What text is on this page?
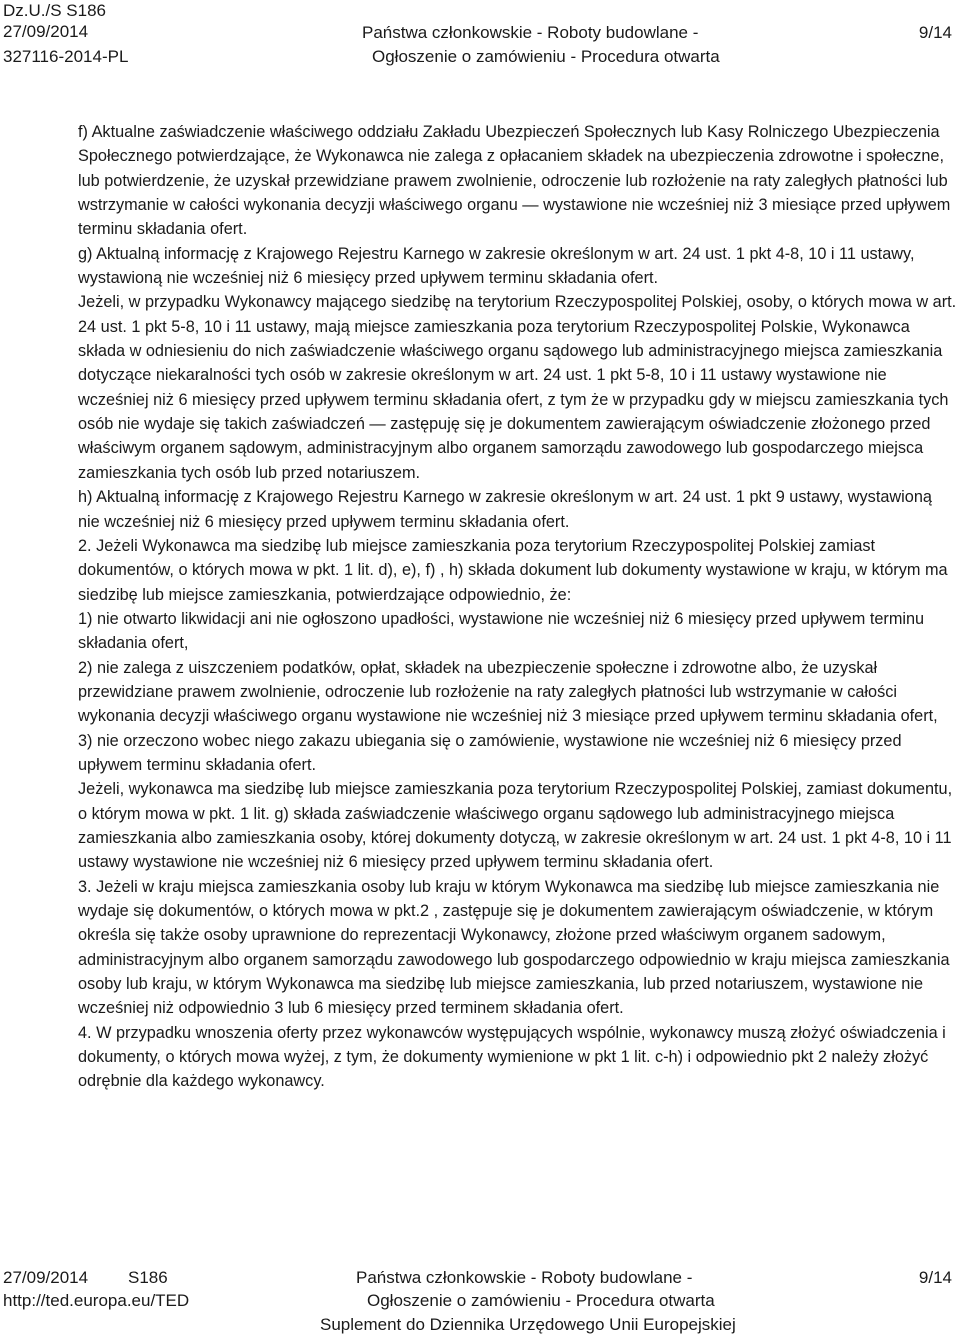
Dz.U./S S186
27/09/2014
327116-2014-PL
Państwa członkowskie - Roboty budowlane -
Ogłoszenie o zamówieniu - Procedura otwarta
9/14

f) Aktualne zaświadczenie właściwego oddziału Zakładu Ubezpieczeń Społecznych lub Kasy Rolniczego Ubezpieczenia Społecznego potwierdzające, że Wykonawca nie zalega z opłacaniem składek na ubezpieczenia zdrowotne i społeczne, lub potwierdzenie, że uzyskał przewidziane prawem zwolnienie, odroczenie lub rozłożenie na raty zaległych płatności lub wstrzymanie w całości wykonania decyzji właściwego organu — wystawione nie wcześniej niż 3 miesiące przed upływem terminu składania ofert.

g) Aktualną informację z Krajowego Rejestru Karnego w zakresie określonym w art. 24 ust. 1 pkt 4-8, 10 i 11 ustawy, wystawioną nie wcześniej niż 6 miesięcy przed upływem terminu składania ofert.

Jeżeli, w przypadku Wykonawcy mającego siedzibę na terytorium Rzeczypospolitej Polskiej, osoby, o których mowa w art. 24 ust. 1 pkt 5-8, 10 i 11 ustawy, mają miejsce zamieszkania poza terytorium Rzeczypospolitej Polskie, Wykonawca składa w odniesieniu do nich zaświadczenie właściwego organu sądowego lub administracyjnego miejsca zamieszkania dotyczące niekaralności tych osób w zakresie określonym w art. 24 ust. 1 pkt 5-8, 10 i 11 ustawy wystawione nie wcześniej niż 6 miesięcy przed upływem terminu składania ofert, z tym że w przypadku gdy w miejscu zamieszkania tych osób nie wydaje się takich zaświadczeń — zastępuję się je dokumentem zawierającym oświadczenie złożonego przed właściwym organem sądowym, administracyjnym albo organem samorządu zawodowego lub gospodarczego miejsca zamieszkania tych osób lub przed notariuszem.

h) Aktualną informację z Krajowego Rejestru Karnego w zakresie określonym w art. 24 ust. 1 pkt 9 ustawy, wystawioną nie wcześniej niż 6 miesięcy przed upływem terminu składania ofert.

2. Jeżeli Wykonawca ma siedzibę lub miejsce zamieszkania poza terytorium Rzeczypospolitej Polskiej zamiast dokumentów, o których mowa w pkt. 1 lit. d), e), f) , h) składa dokument lub dokumenty wystawione w kraju, w którym ma siedzibę lub miejsce zamieszkania, potwierdzające odpowiednio, że:

1) nie otwarto likwidacji ani nie ogłoszono upadłości, wystawione nie wcześniej niż 6 miesięcy przed upływem terminu składania ofert,

2) nie zalega z uiszczeniem podatków, opłat, składek na ubezpieczenie społeczne i zdrowotne albo, że uzyskał przewidziane prawem zwolnienie, odroczenie lub rozłożenie na raty zaległych płatności lub wstrzymanie w całości wykonania decyzji właściwego organu wystawione nie wcześniej niż 3 miesiące przed upływem terminu składania ofert,

3) nie orzeczono wobec niego zakazu ubiegania się o zamówienie, wystawione nie wcześniej niż 6 miesięcy przed upływem terminu składania ofert.

Jeżeli, wykonawca ma siedzibę lub miejsce zamieszkania poza terytorium Rzeczypospolitej Polskiej, zamiast dokumentu, o którym mowa w pkt. 1 lit. g) składa zaświadczenie właściwego organu sądowego lub administracyjnego miejsca zamieszkania albo zamieszkania osoby, której dokumenty dotyczą, w zakresie określonym w art. 24 ust. 1 pkt 4-8, 10 i 11 ustawy wystawione nie wcześniej niż 6 miesięcy przed upływem terminu składania ofert.

3. Jeżeli w kraju miejsca zamieszkania osoby lub kraju w którym Wykonawca ma siedzibę lub miejsce zamieszkania nie wydaje się dokumentów, o których mowa w pkt.2 , zastępuje się je dokumentem zawierającym oświadczenie, w którym określa się także osoby uprawnione do reprezentacji Wykonawcy, złożone przed właściwym organem sadowym, administracyjnym albo organem samorządu zawodowego lub gospodarczego odpowiednio w kraju miejsca zamieszkania osoby lub kraju, w którym Wykonawca ma siedzibę lub miejsce zamieszkania, lub przed notariuszem, wystawione nie wcześniej niż odpowiednio 3 lub 6 miesięcy przed terminem składania ofert.

4. W przypadku wnoszenia oferty przez wykonawców występujących wspólnie, wykonawcy muszą złożyć oświadczenia i dokumenty, o których mowa wyżej, z tym, że dokumenty wymienione w pkt 1 lit. c-h) i odpowiednio pkt 2 należy złożyć odrębnie dla każdego wykonawcy.

27/09/2014 S186
http://ted.europa.eu/TED
Państwa członkowskie - Roboty budowlane -
Ogłoszenie o zamówieniu - Procedura otwarta
Suplement do Dziennika Urzędowego Unii Europejskiej
9/14
